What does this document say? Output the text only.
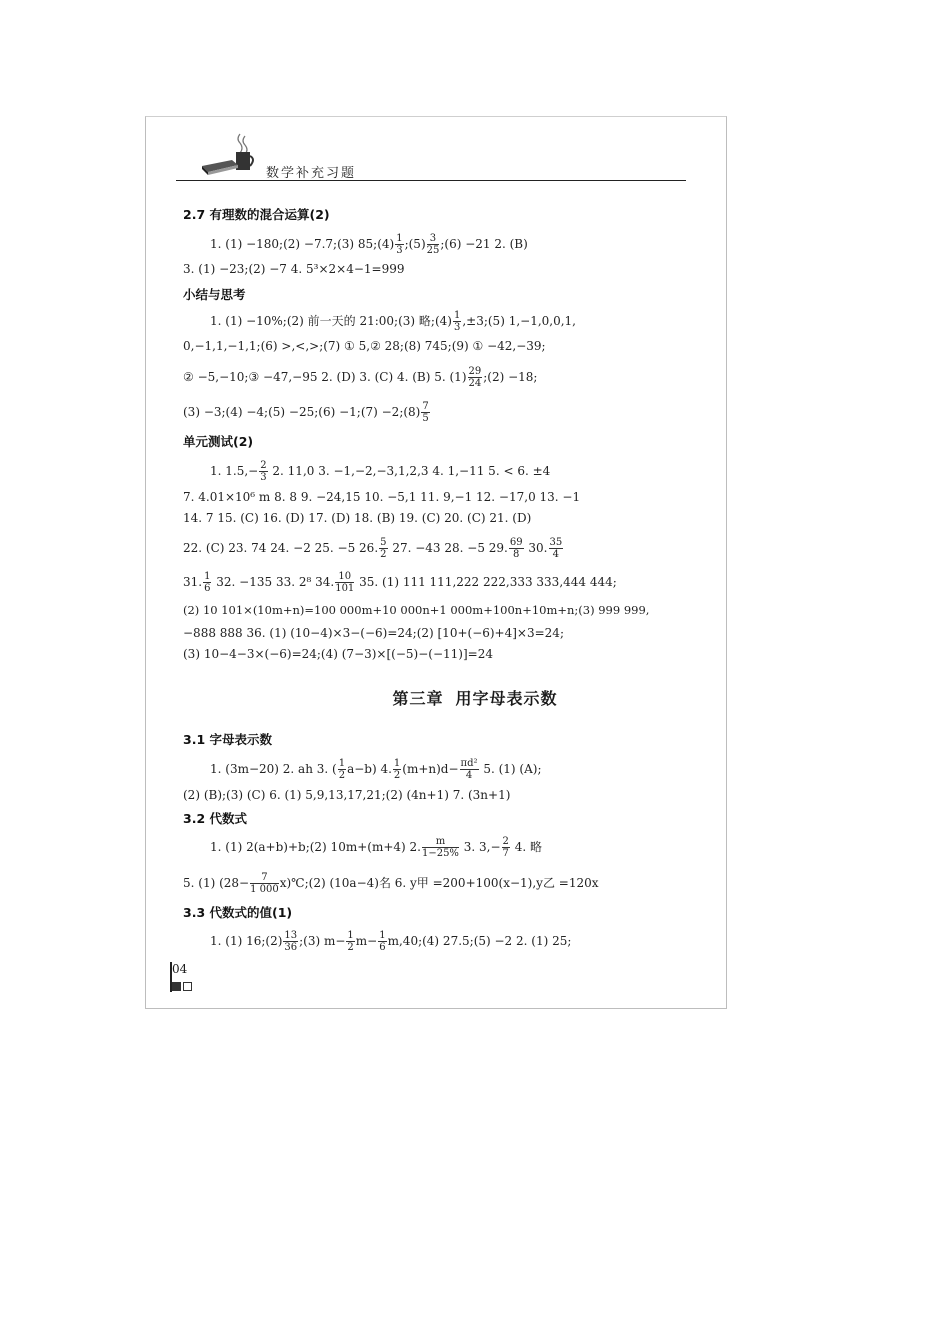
数学补充习题
2.7 有理数的混合运算(2)
1. (1) −180;(2) −7.7;(3) 85;(4) $\frac{1}{3}$ ;(5) $\frac{3}{25}$ ;(6) −21 2. (B)
3. (1) −23;(2) −7 4. 5³×2×4−1=999
小结与思考
1. (1) −10%;(2) 前一天的 21:00;(3) 略;(4) $\frac{1}{3}$ ,±3;(5) 1,−1,0,0,1,
0,−1,1,−1,1;(6) >,<,>;(7) ① 5,② 28;(8) 745;(9) ① −42,−39;
② −5,−10;③ −47,−95 2. (D) 3. (C) 4. (B) 5. $(1) \frac{29}{24}$ ;(2) −18;
(3) −3;(4) −4;(5) −25;(6) −1;(7) −2;(8) $\frac{7}{5}$
单元测试(2)
1. $1.5,- \frac{2}{3} 2$. 11,0 3. −1,−2,−3,1,2,3 4. 1,−11 5. < 6. ±4
7. 4.01×10⁶ m 8. 8 9. −24,15 10. −5,1 11. 9,−1 12. −17,0 13. −1
14. 7 15. (C) 16. (D) 17. (D) 18. (B) 19. (C) 20. (C) 21. (D)
22. (C) 23. 74 24. −2 25. −5 26. $\frac{5}{2} 27$. −43 28. −5 29. $\frac{69}{8} 30$. $\frac{35}{4}$
31. $\frac{1}{6} 32$. −135 33. 2⁸ 34. $\frac{10}{101} 35$. (1) 111 111,222 222,333 333,444 444;
(2) 10 101×(10m+n)=100 000m+10 000n+1 000m+100n+10m+n;(3) 999 999,
−888 888 36. (1) (10−4)×3−(−6)=24;(2) [10+(−6)+4]×3=24;
(3) 10−4−3×(−6)=24;(4) (7−3)×[(−5)−(−11)]=24
第三章 用字母表示数
3.1 字母表示数
1. (3m−20) 2. ah 3. ( $\frac{1}{2} a-b$) 4. $\frac{1}{2} (m+n)d- \frac{\text{πd²}}{4} 5$. (1) (A);
(2) (B);(3) (C) 6. (1) 5,9,13,17,21;(2) (4n+1) 7. (3n+1)
3.2 代数式
1. (1) 2(a+b)+b;(2) 10m+(m+4) 2. $\frac{m}{1-25\%} 3$. $3,- \frac{2}{7} 4$. 略
5. (1) ($28- \frac{7}{1 000}$ x)℃;(2) (10a−4)名 6. y甲 =200+100(x−1),y乙 =120x
3.3 代数式的值(1)
1. (1) 16;(2) $\frac{13}{36}$ ;(3) $m- \frac{1}{2} m- \frac{1}{6}$ m,40;(4) 27.5;(5) −2 2. (1) 25;
04
